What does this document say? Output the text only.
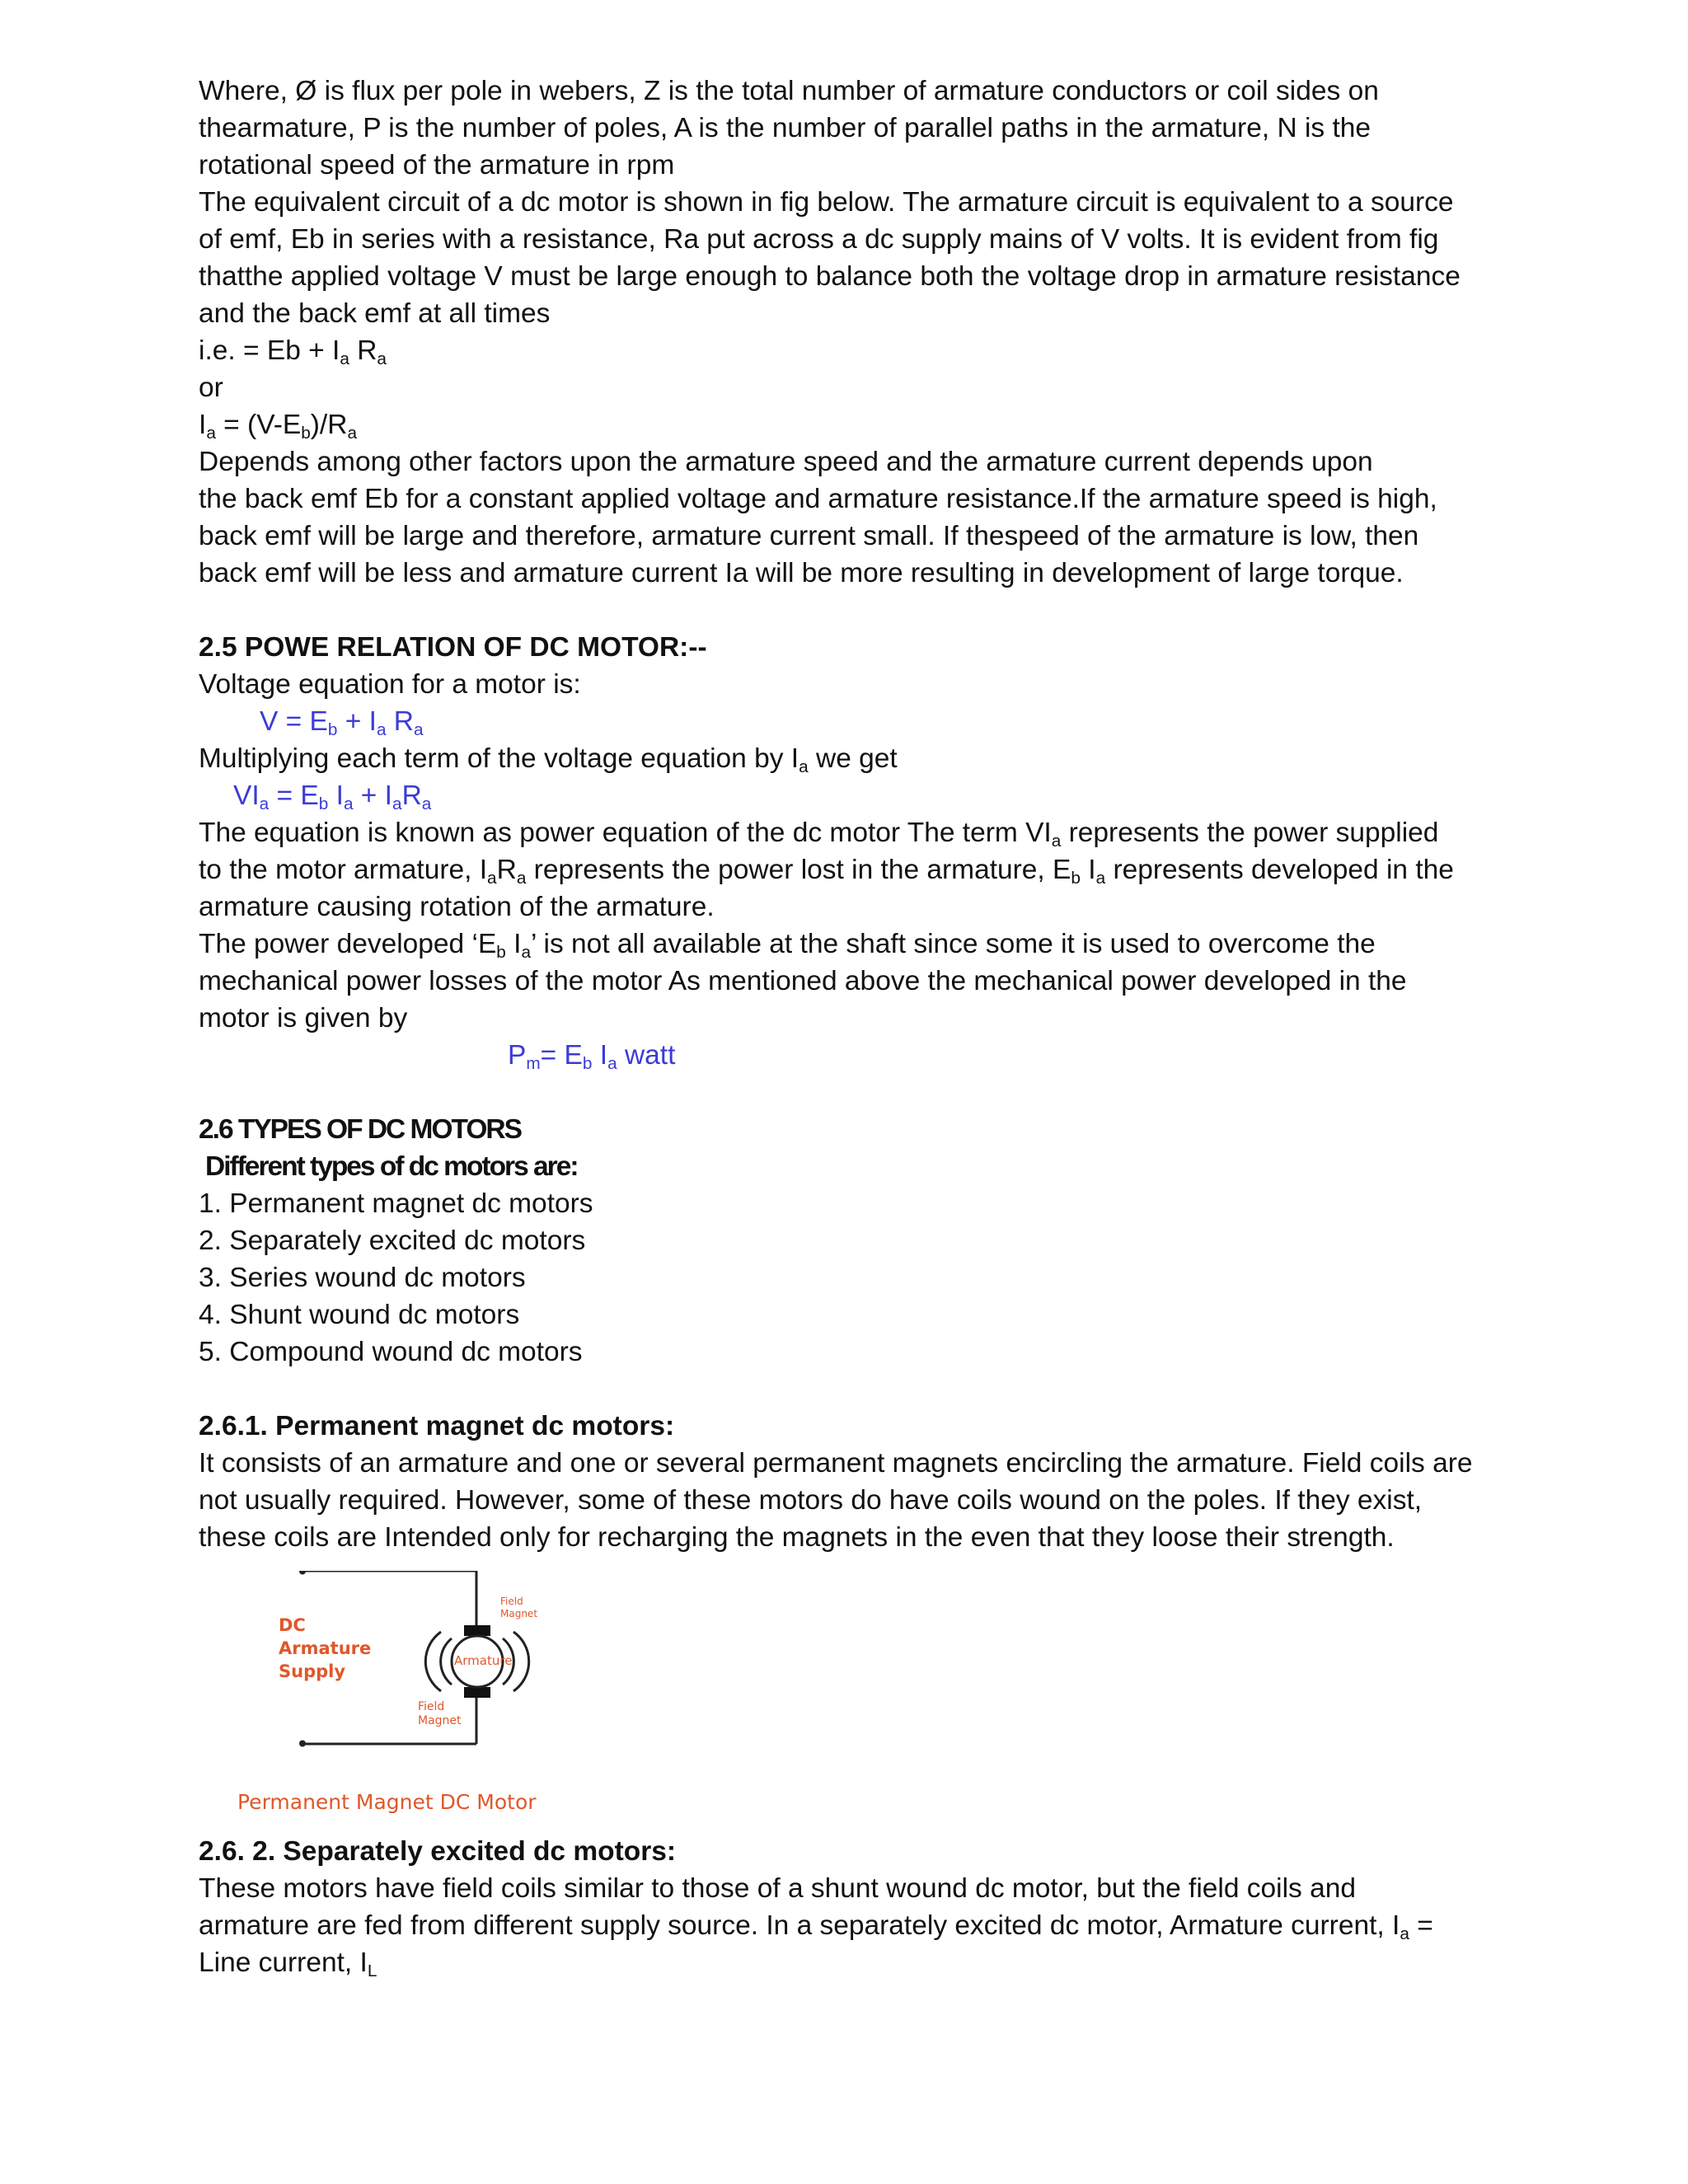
Where, Ø is flux per pole in webers, Z is the total number of armature conductors or coil sides on

thearmature, P is the number of poles, A is the number of parallel paths in the armature, N is the

rotational speed of the armature in rpm

The equivalent circuit of a dc motor is shown in fig below. The armature circuit is equivalent to a source

of emf, Eb in series with a resistance, Ra put across a dc supply mains of V volts. It is evident from fig

thatthe applied voltage V must be large enough to balance both the voltage drop in armature resistance

and the back emf at all times

i.e. = $Eb + I_a$ $R_a$

or

$I_a = (V-E_b)/R_a$

Depends among other factors upon the armature speed and the armature current depends upon

the back emf Eb for a constant applied voltage and armature resistance.If the armature speed is high,

back emf will be large and therefore, armature current small. If thespeed of the armature is low, then

back emf will be less and armature current Ia will be more resulting in development of large torque.

2.5 POWE RELATION OF DC MOTOR:--

Voltage equation for a motor is:

$V = E_b + I_a$ $R_a$

Multiplying each term of the voltage equation by $I_a$ we get

$VI_a = E_b$ $I_a + I_aR_a$

The equation is known as power equation of the dc motor The term $VI_a$ represents the power supplied

to the motor armature, $I_aR_a$ represents the power lost in the armature, $E_b$ $I_a$ represents developed in the

armature causing rotation of the armature.

The power developed ‘$E_b$ $I_a$’ is not all available at the shaft since some it is used to overcome the

mechanical power losses of the motor As mentioned above the mechanical power developed in the

motor is given by

$P_m= E_b$ $I_a$ watt

2.6 TYPES OF DC MOTORS

Different types of dc motors are:

1. Permanent magnet dc motors

2. Separately excited dc motors

3. Series wound dc motors

4. Shunt wound dc motors

5. Compound wound dc motors

2.6.1. Permanent magnet dc motors:

It consists of an armature and one or several permanent magnets encircling the armature. Field coils are

not usually required. However, some of these motors do have coils wound on the poles. If they exist,

these coils are Intended only for recharging the magnets in the even that they loose their strength.

DC
Armature
Supply
Field
Magnet
Armature
Field
Magnet
Permanent Magnet DC Motor

2.6. 2. Separately excited dc motors:

These motors have field coils similar to those of a shunt wound dc motor, but the field coils and

armature are fed from different supply source. In a separately excited dc motor, Armature current, $I_a$ =

Line current, $I_L$
